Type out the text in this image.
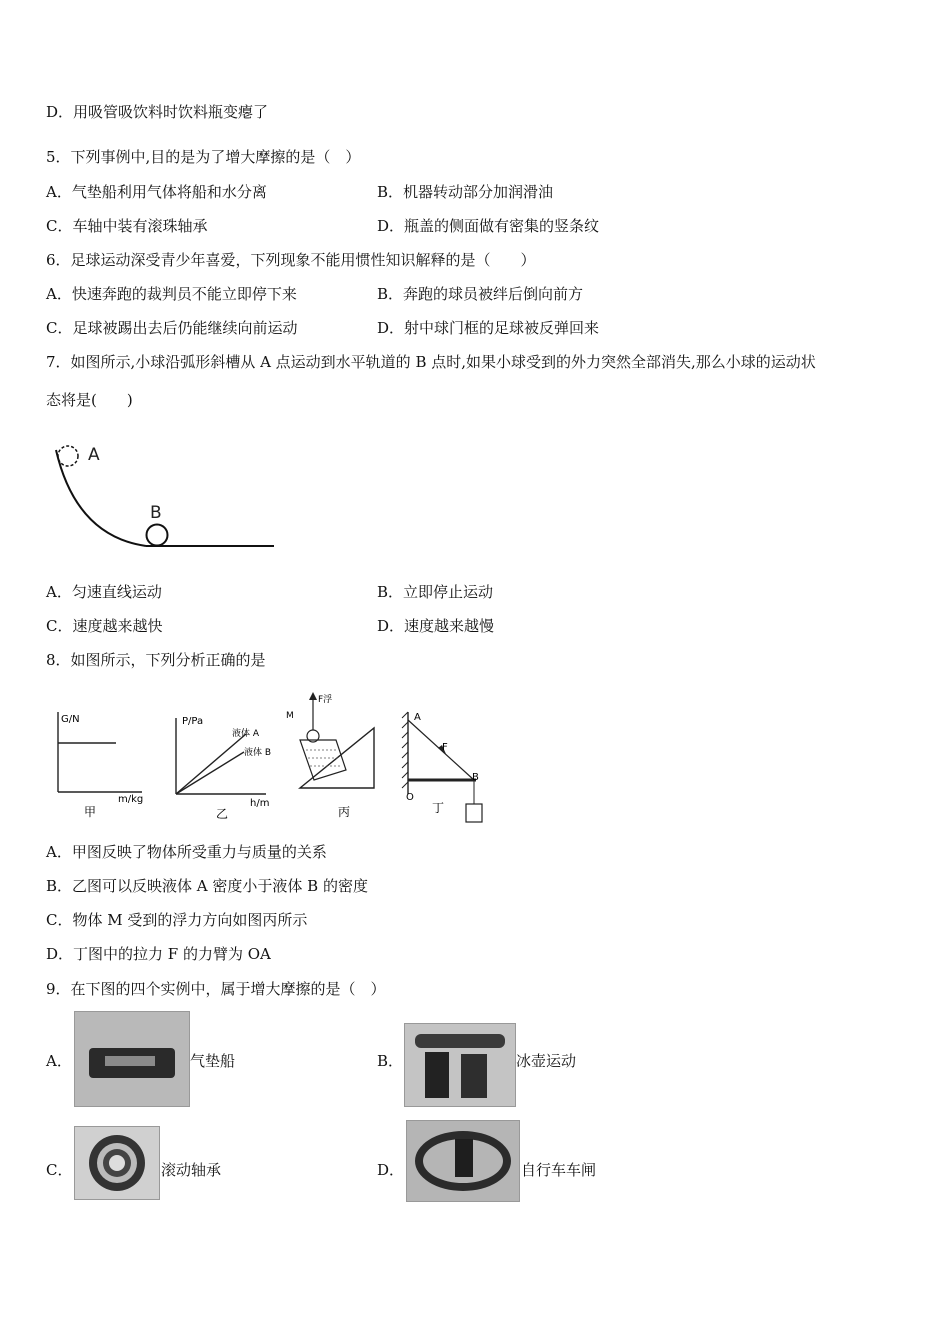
D．用吸管吸饮料时饮料瓶变瘪了
5．下列事例中,目的是为了增大摩擦的是（　）
A．气垫船利用气体将船和水分离	B．机器转动部分加润滑油
C．车轴中装有滚珠轴承	D．瓶盖的侧面做有密集的竖条纹
6．足球运动深受青少年喜爱，下列现象不能用惯性知识解释的是（　　）
A．快速奔跑的裁判员不能立即停下来	B．奔跑的球员被绊后倒向前方
C．足球被踢出去后仍能继续向前运动	D．射中球门框的足球被反弹回来
7．如图所示,小球沿弧形斜槽从 A 点运动到水平轨道的 B 点时,如果小球受到的外力突然全部消失,那么小球的运动状
态将是(　　)
A
B
A．匀速直线运动	B．立即停止运动
C．速度越来越快	D．速度越来越慢
8．如图所示，下列分析正确的是
G/N
m/kg
甲
P/Pa
液体 A
液体 B
h/m
乙
F浮
M
丙
A
F
B
O
丁
A．甲图反映了物体所受重力与质量的关系
B．乙图可以反映液体 A 密度小于液体 B 的密度
C．物体 M 受到的浮力方向如图丙所示
D．丁图中的拉力 F 的力臂为 OA
9．在下图的四个实例中，属于增大摩擦的是（　）
A．	气垫船	B．	冰壶运动
C．	滚动轴承	D．	自行车车闸
